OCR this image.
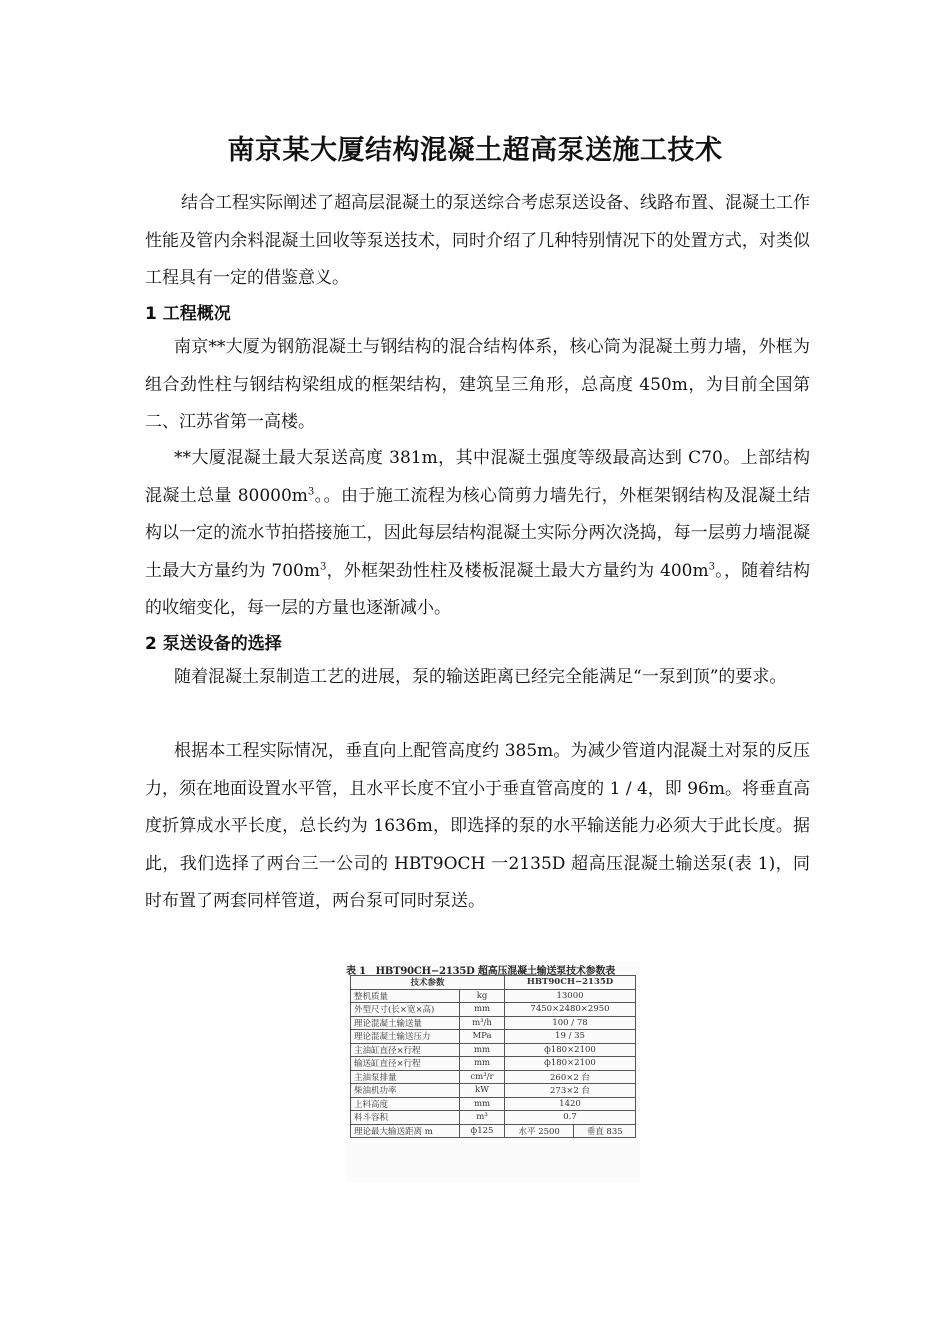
南京某大厦结构混凝土超高泵送施工技术

结合工程实际阐述了超高层混凝土的泵送综合考虑泵送设备、线路布置、混凝土工作性能及管内余料混凝土回收等泵送技术，同时介绍了几种特别情况下的处置方式，对类似工程具有一定的借鉴意义。

1 工程概况

南京**大厦为钢筋混凝土与钢结构的混合结构体系，核心筒为混凝土剪力墙，外框为组合劲性柱与钢结构梁组成的框架结构，建筑呈三角形，总高度 450m，为目前全国第二、江苏省第一高楼。

**大厦混凝土最大泵送高度 381m，其中混凝土强度等级最高达到 C70。上部结构混凝土总量 $80000m^3$。。由于施工流程为核心筒剪力墙先行，外框架钢结构及混凝土结构以一定的流水节拍搭接施工，因此每层结构混凝土实际分两次浇捣，每一层剪力墙混凝土最大方量约为 $700m^3$，外框架劲性柱及楼板混凝土最大方量约为 $400m^3$。，随着结构的收缩变化，每一层的方量也逐渐减小。

2 泵送设备的选择

随着混凝土泵制造工艺的进展，泵的输送距离已经完全能满足“一泵到顶”的要求。

根据本工程实际情况，垂直向上配管高度约 385m。为减少管道内混凝土对泵的反压力，须在地面设置水平管，且水平长度不宜小于垂直管高度的 1 / 4，即 96m。将垂直高度折算成水平长度，总长约为 1636m，即选择的泵的水平输送能力必须大于此长度。据此，我们选择了两台三一公司的 HBT9OCH 一2135D 超高压混凝土输送泵(表 1)，同时布置了两套同样管道，两台泵可同时泵送。

表 1　HBT90CH−2135D 超高压混凝土输送泵技术参数表
技术参数		HBT90CH−2135D	
整机质量	kg	13000	
外型尺寸(长×宽×高)	mm	7450×2480×2950	
理论混凝土输送量	m³/h	100 / 78	
理论混凝土输送压力	MPa	19 / 35	
主油缸直径×行程	mm	ф180×2100	
输送缸直径×行程	mm	ф180×2100	
主油泵排量	cm³/r	260×2 台	
柴油机功率	kW	273×2 台	
上料高度	mm	1420	
料斗容积	m³	0.7	
理论最大输送距离 m	ф125	水平 2500	垂直 835
